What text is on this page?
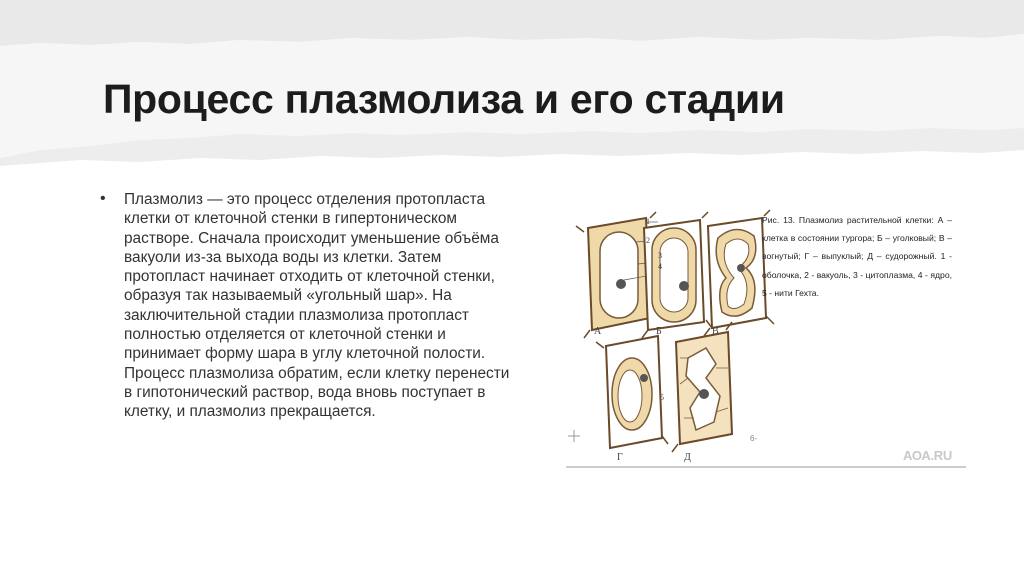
Процесс плазмолиза и его стадии
• Плазмолиз — это процесс отделения протопласта клетки от клеточной стенки в гипертоническом растворе. Сначала происходит уменьшение объёма вакуоли из-за выхода воды из клетки. Затем протопласт начинает отходить от клеточной стенки, образуя так называемый «угольный шар». На заключительной стадии плазмолиза протопласт полностью отделяется от клеточной стенки и принимает форму шара в углу клеточной полости. Процесс плазмолиза обратим, если клетку перенести в гипотонический раствор, вода вновь поступает в клетку, и плазмолиз прекращается.
А	Б	В
Г	Д
1
2
3
4
5
Рис. 13. Плазмолиз растительной клетки: А – клетка в состоянии тургора; Б – уголковый; В – вогнутый; Г – выпуклый; Д – судорожный. 1 - оболочка, 2 - вакуоль, 3 - цитоплазма, 4 - ядро, 5 - нити Гехта.
6-
АОА.RU
